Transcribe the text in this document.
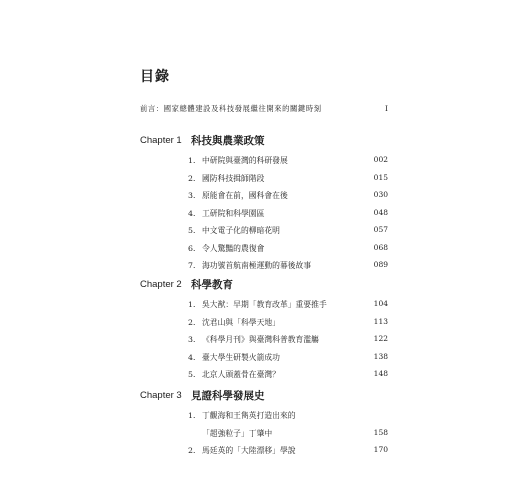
目錄
前言：國家總體建設及科技發展繼往開來的關鍵時刻	I
Chapter 1 科技與農業政策
1． 中研院與臺灣的科研發展	002
2． 國防科技揖師階段	015
3． 原能會在前，國科會在後	030
4． 工研院和科學園區	048
5． 中文電子化的柳暗花明	057
6． 令人驚豔的農復會	068
7． 海功號首航南極運動的幕後故事	089
Chapter 2 科學教育
1． 吳大猷：早期「教育改革」重要推手	104
2． 沈君山與「科學天地」	113
3． 《科學月刊》與臺灣科普教育濫觴	122
4． 臺大學生研製火箭成功	138
5． 北京人頭蓋骨在臺灣？	148
Chapter 3 見證科學發展史
1． 丁觀海和王雋英打造出來的
「超強粒子」丁肇中	158
2． 馬廷英的「大陸漂移」學說	170
